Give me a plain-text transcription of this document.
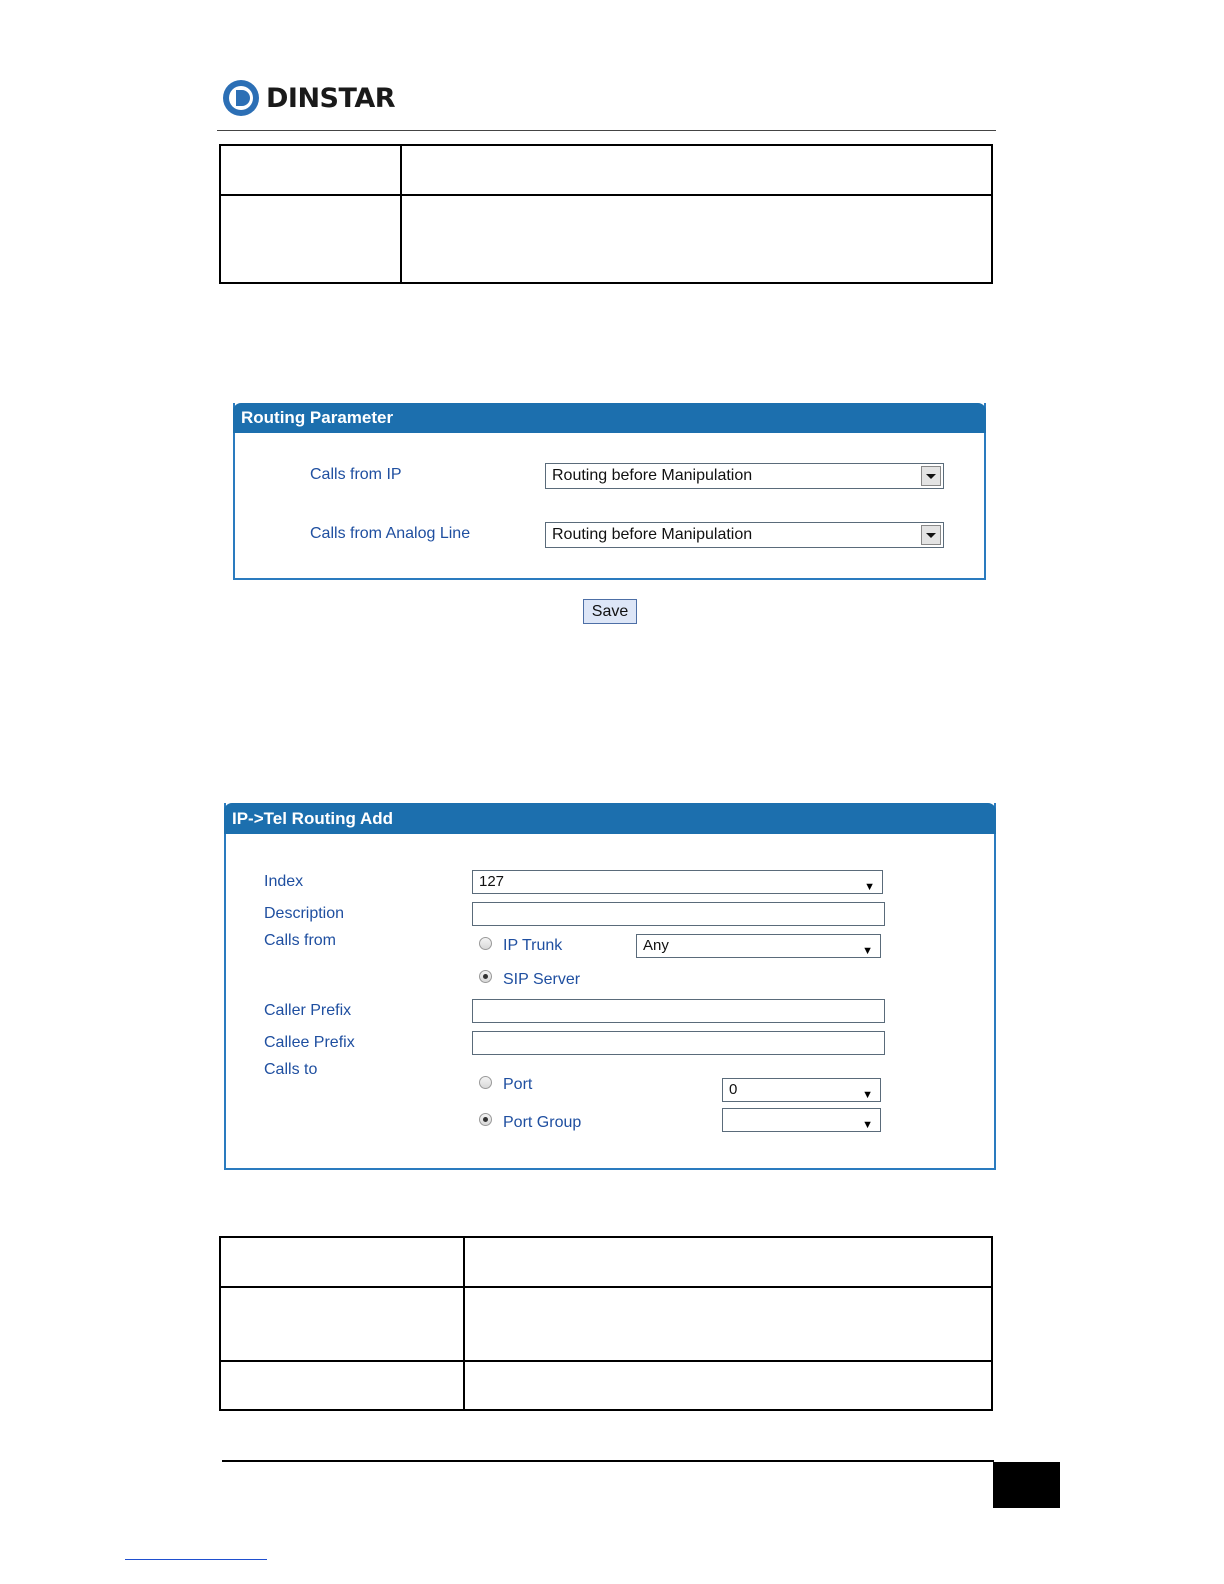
DINSTAR

Routing Parameter
Calls from IP	Routing before Manipulation
Calls from Analog Line	Routing before Manipulation
Save
IP->Tel Routing Add
Index	127	▼
Description
Calls from	IP Trunk	Any	▼
SIP Server
Caller Prefix
Callee Prefix
Calls to
Port	0	▼
Port Group	▼
